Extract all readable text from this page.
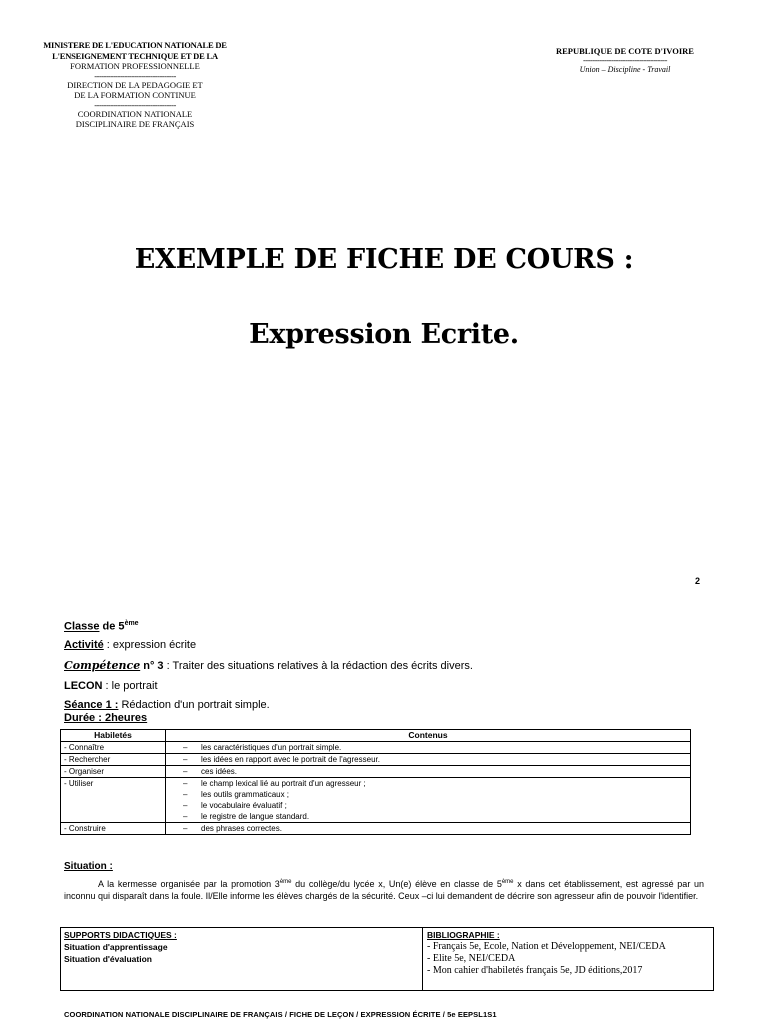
MINISTERE DE L'EDUCATION NATIONALE DE
L'ENSEIGNEMENT TECHNIQUE ET DE LA
FORMATION PROFESSIONNELLE
-----------------------------------
DIRECTION DE LA PEDAGOGIE ET
DE LA FORMATION CONTINUE
-----------------------------------
COORDINATION NATIONALE
DISCIPLINAIRE DE FRANÇAIS
REPUBLIQUE DE COTE D'IVOIRE
------------------------------------
Union – Discipline - Travail
EXEMPLE DE FICHE DE COURS :
Expression Ecrite.
2
Classe de 5ème
Activité : expression écrite
Compétence n° 3 : Traiter des situations relatives à la rédaction des écrits divers.
LECON : le portrait
Séance 1 : Rédaction d'un portrait simple.
Durée : 2heures
Habiletés	Contenus
- Connaître	– les caractéristiques d'un portrait simple.

- Rechercher	– les idées en rapport avec le portrait de l'agresseur.

- Organiser	– ces idées.

- Utiliser	– le champ lexical lié au portrait d'un agresseur ;
– les outils grammaticaux ;
– le vocabulaire évaluatif ;
– le registre de langue standard.

- Construire	– des phrases correctes.
Situation :
A la kermesse organisée par la promotion 3ème du collège/du lycée x, Un(e) élève en classe de 5ème x dans cet établissement, est agressé par un inconnu qui disparaît dans la foule. Il/Elle informe les élèves chargés de la sécurité. Ceux –ci lui demandent de décrire son agresseur afin de pouvoir l'identifier.
SUPPORTS DIDACTIQUES :
Situation d'apprentissage
Situation d'évaluation
BIBLIOGRAPHIE :
- Français 5e, Ecole, Nation et Développement, NEI/CEDA
- Elite 5e, NEI/CEDA
- Mon cahier d'habiletés français 5e, JD éditions,2017
COORDINATION NATIONALE DISCIPLINAIRE DE FRANÇAIS / FICHE DE LEÇON / EXPRESSION ÉCRITE / 5e EEPSL1S1
